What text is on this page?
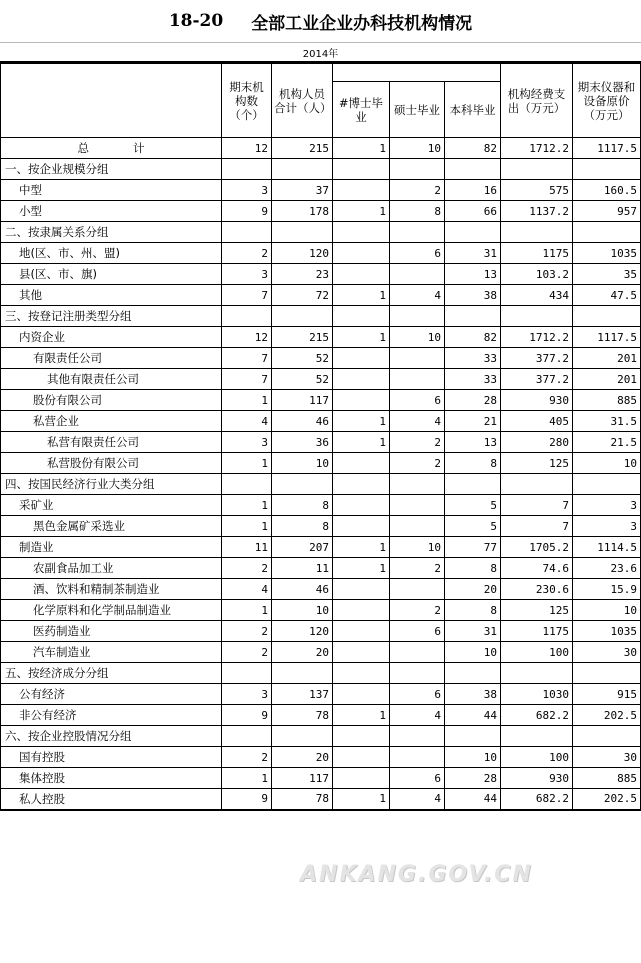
18-20 全部工业企业办科技机构情况
2014年
	期末机构数（个）	机构人员合计（人）				机构经费支出（万元）	期末仪器和设备原价（万元）
			#博士毕业	硕士毕业	本科毕业		
总 计	12	215	1	10	82	1712.2	1117.5
一、按企业规模分组							
中型	3	37		2	16	575	160.5
小型	9	178	1	8	66	1137.2	957
二、按隶属关系分组							
地(区、市、州、盟)	2	120		6	31	1175	1035
县(区、市、旗)	3	23			13	103.2	35
其他	7	72	1	4	38	434	47.5
三、按登记注册类型分组							
内资企业	12	215	1	10	82	1712.2	1117.5
有限责任公司	7	52			33	377.2	201
其他有限责任公司	7	52			33	377.2	201
股份有限公司	1	117		6	28	930	885
私营企业	4	46	1	4	21	405	31.5
私营有限责任公司	3	36	1	2	13	280	21.5
私营股份有限公司	1	10		2	8	125	10
四、按国民经济行业大类分组							
采矿业	1	8			5	7	3
黑色金属矿采选业	1	8			5	7	3
制造业	11	207	1	10	77	1705.2	1114.5
农副食品加工业	2	11	1	2	8	74.6	23.6
酒、饮料和精制茶制造业	4	46			20	230.6	15.9
化学原料和化学制品制造业	1	10		2	8	125	10
医药制造业	2	120		6	31	1175	1035
汽车制造业	2	20			10	100	30
五、按经济成分分组							
公有经济	3	137		6	38	1030	915
非公有经济	9	78	1	4	44	682.2	202.5
六、按企业控股情况分组							
国有控股	2	20			10	100	30
集体控股	1	117		6	28	930	885
私人控股	9	78	1	4	44	682.2	202.5
ANKANG.GOV.CN
